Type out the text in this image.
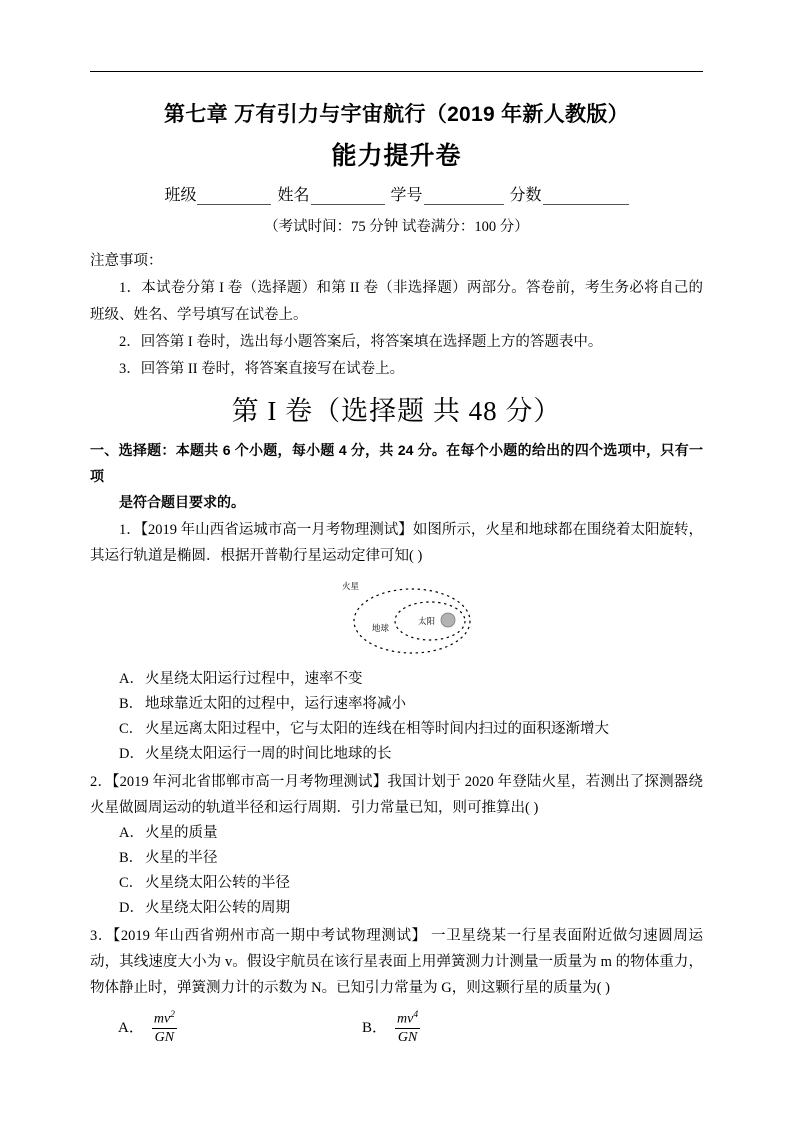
第七章 万有引力与宇宙航行（2019 年新人教版）
能力提升卷
班级	姓名	学号	分数
（考试时间：75 分钟 试卷满分：100 分）
注意事项：
1．本试卷分第 I 卷（选择题）和第 II 卷（非选择题）两部分。答卷前，考生务必将自己的班级、姓名、学号填写在试卷上。
2．回答第 I 卷时，选出每小题答案后，将答案填在选择题上方的答题表中。
3．回答第 II 卷时，将答案直接写在试卷上。
第 I 卷（选择题 共 48 分）
一、选择题：本题共 6 个小题，每小题 4 分，共 24 分。在每个小题的给出的四个选项中，只有一项
是符合题目要求的。
1．【2019 年山西省运城市高一月考物理测试】如图所示，火星和地球都在围绕着太阳旋转，其运行轨道是椭圆．根据开普勒行星运动定律可知( )
火星
地球
太阳
A．火星绕太阳运行过程中，速率不变
B． 地球靠近太阳的过程中，运行速率将减小
C． 火星远离太阳过程中，它与太阳的连线在相等时间内扫过的面积逐渐增大
D．火星绕太阳运行一周的时间比地球的长
2．【2019 年河北省邯郸市高一月考物理测试】我国计划于 2020 年登陆火星，若测出了探测器绕火星做圆周运动的轨道半径和运行周期．引力常量已知，则可推算出( )
A．火星的质量
B． 火星的半径
C． 火星绕太阳公转的半径
D．火星绕太阳公转的周期
3．【2019 年山西省朔州市高一期中考试物理测试】 一卫星绕某一行星表面附近做匀速圆周运动，其线速度大小为 v。假设宇航员在该行星表面上用弹簧测力计测量一质量为 m 的物体重力，物体静止时，弹簧测力计的示数为 N。已知引力常量为 G，则这颗行星的质量为( )
A． $\frac{mv^2}{GN}$	B． $\frac{mv^4}{GN}$
